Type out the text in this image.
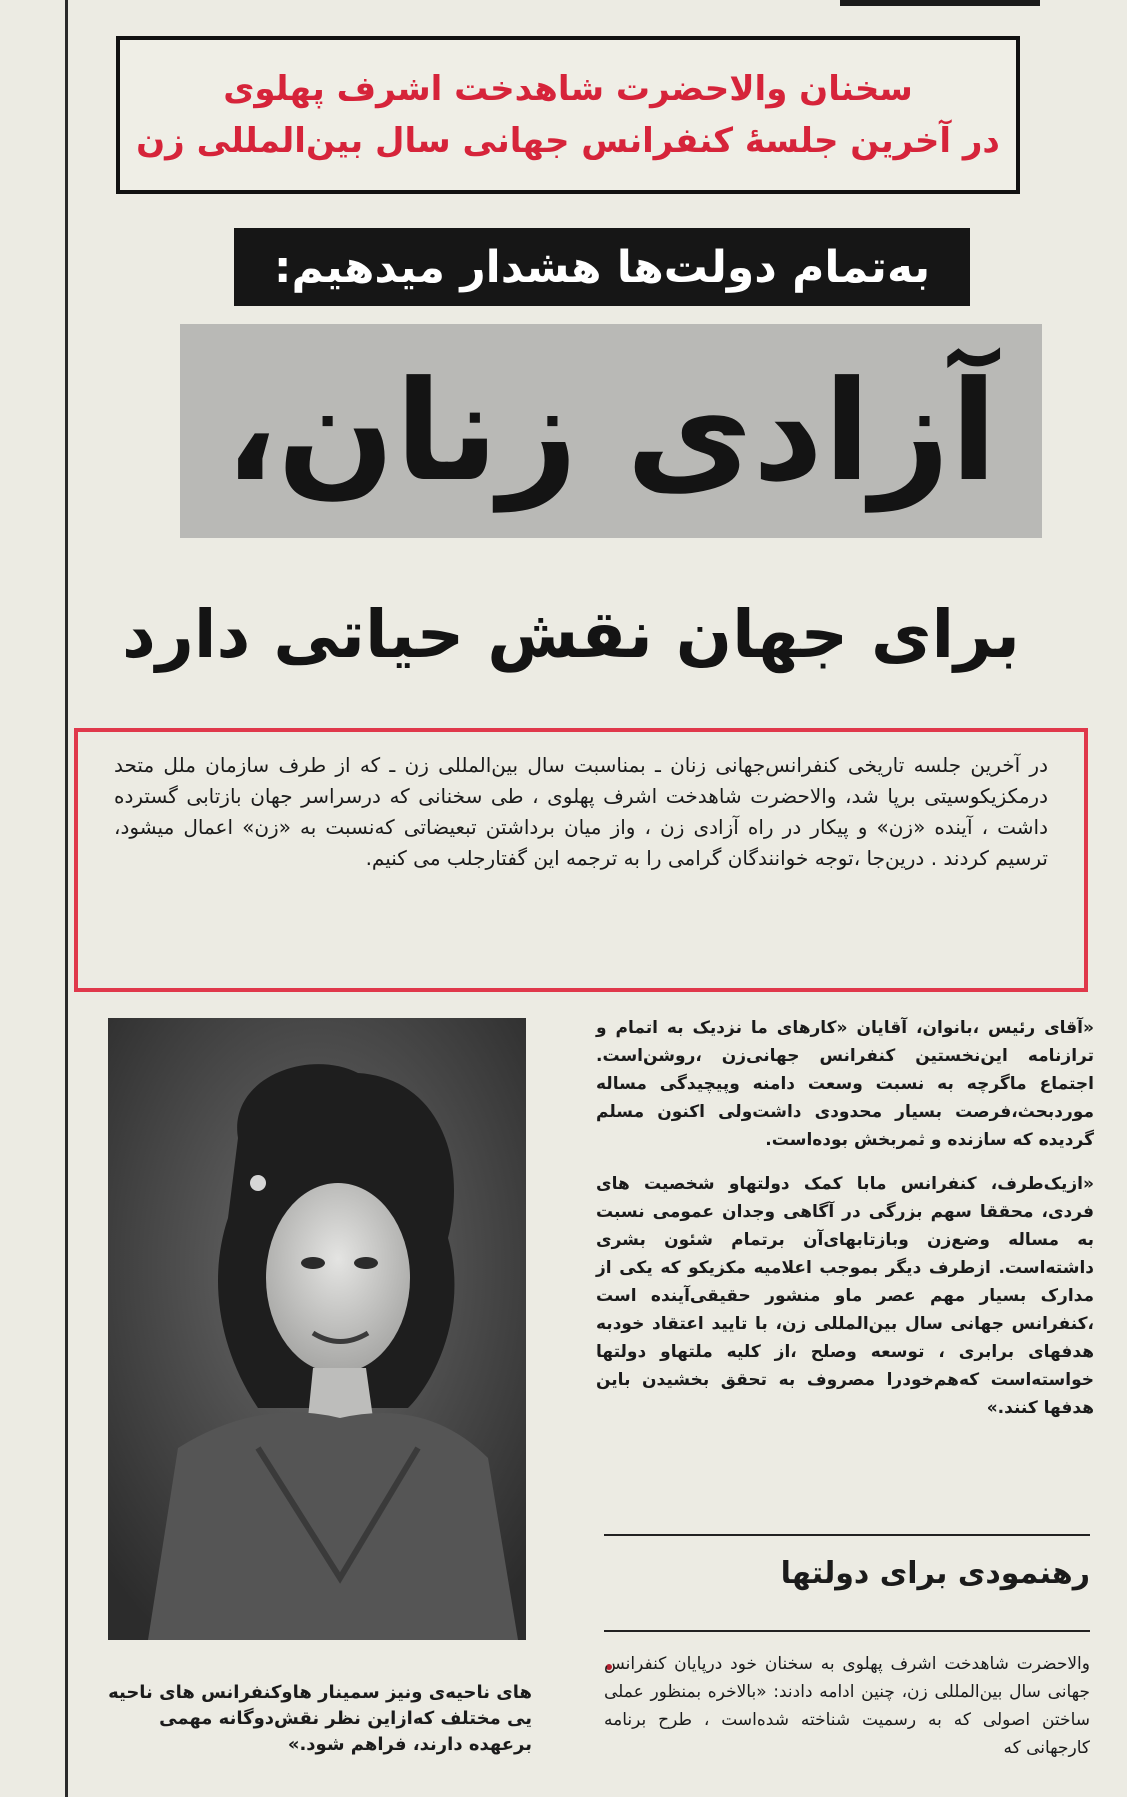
سخنان والاحضرت شاهدخت اشرف پهلوی
در آخرین جلسهٔ کنفرانس جهانی سال بین‌المللی زن
به‌تمام دولت‌ها هشدار میدهیم:
آزادی زنان،
برای جهان نقش حیاتی دارد
در آخرین جلسه تاریخی کنفرانس‌جهانی زنان ـ بمناسبت سال بین‌المللی زن ـ که از طرف سازمان ملل متحد درمکزیکوسیتی برپا شد، والاحضرت شاهدخت اشرف پهلوی ، طی سخنانی که درسراسر جهان بازتابی گسترده داشت ، آینده «زن» و پیکار در راه آزادی زن ، واز میان برداشتن تبعیضاتی که‌نسبت به «زن» اعمال میشود، ترسیم کردند . درین‌جا ،توجه خوانندگان گرامی را به ترجمه این گفتارجلب می کنیم.
های ناحیه‌ی ونیز سمینار هاوکنفرانس های ناحیه‌ یی مختلف که‌ازاین نظر نقش‌دوگانه مهمی برعهده دارند، فراهم شود.»

«آقای رئیس ،بانوان، آقایان «کارهای ما نزدیک به اتمام و ترازنامه این‌نخستین کنفرانس جهانی‌زن ،روشن‌است. اجتماع ماگرچه به نسبت وسعت دامنه وپیچیدگی مساله موردبحث،فرصت بسیار محدودی داشت‌ولی اکنون مسلم گردیده که سازنده و ثمربخش بوده‌است.

«ازیک‌طرف، کنفرانس مابا کمک دولتهاو شخصیت های فردی، محققا سهم بزرگی در آگاهی وجدان عمومی نسبت به مساله وضع‌زن وبازتابهای‌آن برتمام شئون بشری داشته‌است. ازطرف دیگر بموجب اعلامیه مکزیکو که یکی از مدارک بسیار مهم عصر ماو منشور حقیقی‌آینده است ،کنفرانس جهانی سال بین‌المللی زن، با تایید اعتقاد خودبه هدفهای برابری ، توسعه وصلح ،از کلیه ملتهاو دولتها خواسته‌است که‌هم‌خودرا مصروف به تحقق بخشیدن باین هدفها کنند.»

رهنمودی برای دولتها
والاحضرت شاهدخت اشرف پهلوی به سخنان خود درپایان کنفرانس جهانی سال بین‌المللی زن، چنین ادامه دادند: «بالاخره بمنظور عملی ساختن اصولی که به رسمیت شناخته شده‌است ، طرح برنامه کارجهانی که
